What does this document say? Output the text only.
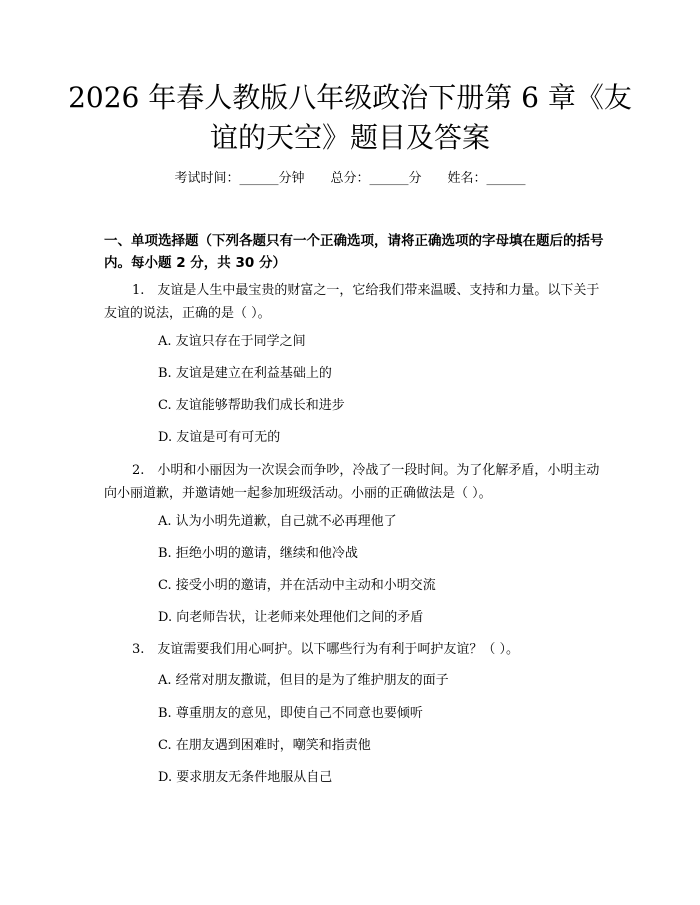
2026 年春人教版八年级政治下册第 6 章《友
谊的天空》题目及答案
考试时间：______分钟　　总分：______分　　姓名：______

一、单项选择题（下列各题只有一个正确选项，请将正确选项的字母填在题后的括号内。每小题 2 分，共 30 分）

1.　友谊是人生中最宝贵的财富之一，它给我们带来温暖、支持和力量。以下关于友谊的说法，正确的是（ ）。

A. 友谊只存在于同学之间

B. 友谊是建立在利益基础上的

C. 友谊能够帮助我们成长和进步

D. 友谊是可有可无的

2.　小明和小丽因为一次误会而争吵，冷战了一段时间。为了化解矛盾，小明主动向小丽道歉，并邀请她一起参加班级活动。小丽的正确做法是（ ）。

A. 认为小明先道歉，自己就不必再理他了

B. 拒绝小明的邀请，继续和他冷战

C. 接受小明的邀请，并在活动中主动和小明交流

D. 向老师告状，让老师来处理他们之间的矛盾

3.　友谊需要我们用心呵护。以下哪些行为有利于呵护友谊？（ ）。

A. 经常对朋友撒谎，但目的是为了维护朋友的面子

B. 尊重朋友的意见，即使自己不同意也要倾听

C. 在朋友遇到困难时，嘲笑和指责他

D. 要求朋友无条件地服从自己
